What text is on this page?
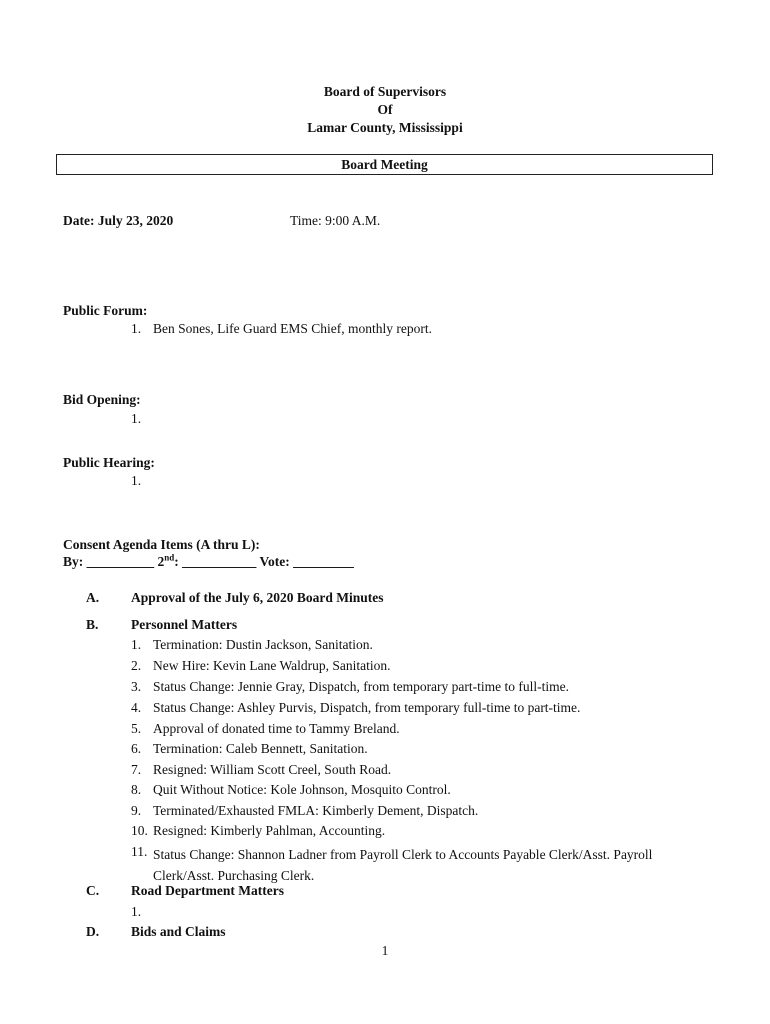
Board of Supervisors
Of
Lamar County, Mississippi
Board Meeting
Date: July 23, 2020	Time: 9:00 A.M.
Public Forum:
1. Ben Sones, Life Guard EMS Chief, monthly report.
Bid Opening:
1.
Public Hearing:
1.
Consent Agenda Items (A thru L):
By: __________ 2nd: ___________ Vote: _________
A. Approval of the July 6, 2020 Board Minutes
B. Personnel Matters
1. Termination: Dustin Jackson, Sanitation.
2. New Hire: Kevin Lane Waldrup, Sanitation.
3. Status Change: Jennie Gray, Dispatch, from temporary part-time to full-time.
4. Status Change: Ashley Purvis, Dispatch, from temporary full-time to part-time.
5. Approval of donated time to Tammy Breland.
6. Termination: Caleb Bennett, Sanitation.
7. Resigned: William Scott Creel, South Road.
8. Quit Without Notice: Kole Johnson, Mosquito Control.
9. Terminated/Exhausted FMLA: Kimberly Dement, Dispatch.
10. Resigned: Kimberly Pahlman, Accounting.
11. Status Change: Shannon Ladner from Payroll Clerk to Accounts Payable Clerk/Asst. Payroll Clerk/Asst. Purchasing Clerk.
C. Road Department Matters
1.
D. Bids and Claims
1
